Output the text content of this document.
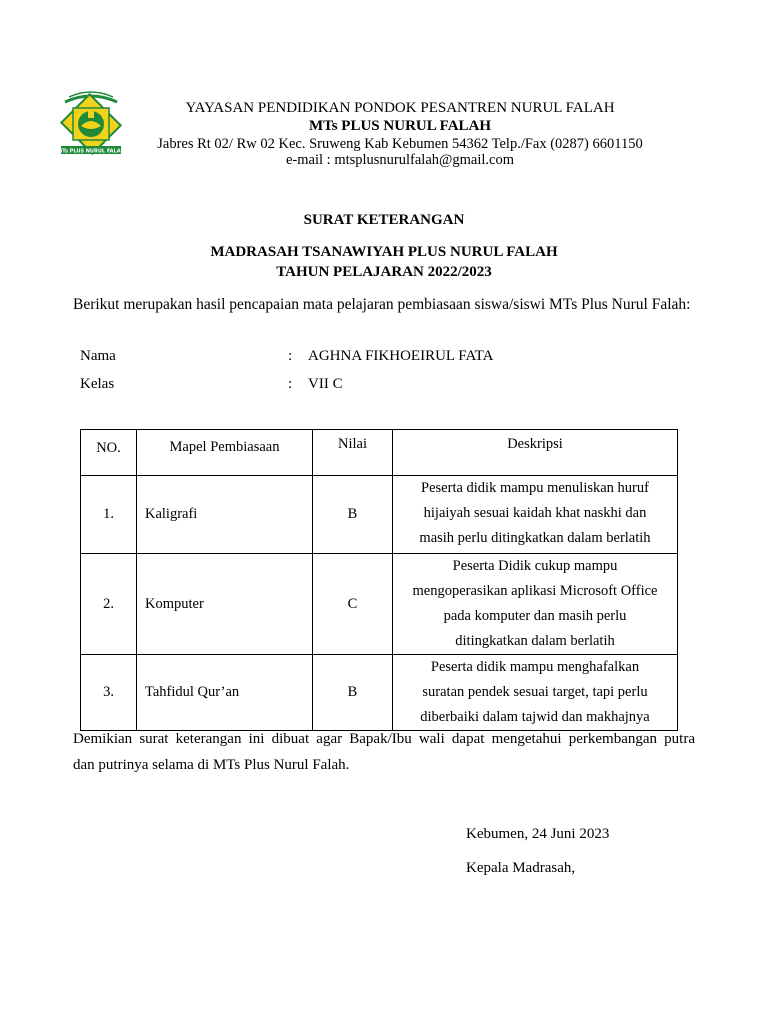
MTs PLUS NURUL FALAH
YAYASAN PENDIDIKAN PONDOK PESANTREN NURUL FALAH
MTs PLUS NURUL FALAH
Jabres Rt 02/ Rw 02 Kec. Sruweng Kab Kebumen 54362 Telp./Fax (0287) 6601150
e-mail : mtsplusnurulfalah@gmail.com
SURAT KETERANGAN
MADRASAH TSANAWIYAH PLUS NURUL FALAH
TAHUN PELAJARAN 2022/2023
Berikut merupakan hasil pencapaian mata pelajaran pembiasaan siswa/siswi MTs Plus Nurul Falah:
Nama	: AGHNA FIKHOEIRUL FATA
Kelas	: VII C
NO.	Mapel Pembiasaan	Nilai	Deskripsi
1.	Kaligrafi	B	Peserta didik mampu menuliskan huruf
hijaiyah sesuai kaidah khat naskhi dan
masih perlu ditingkatkan dalam berlatih

2.	Komputer	C	Peserta Didik cukup mampu
mengoperasikan aplikasi Microsoft Office
pada komputer dan masih perlu
ditingkatkan dalam berlatih

3.	Tahfidul Qur’an	B	Peserta didik mampu menghafalkan
suratan pendek sesuai target, tapi perlu
diberbaiki dalam tajwid dan makhajnya
Demikian surat keterangan ini dibuat agar Bapak/Ibu wali dapat mengetahui perkembangan putra
dan putrinya selama di MTs Plus Nurul Falah.
Kebumen, 24 Juni 2023
Kepala Madrasah,
